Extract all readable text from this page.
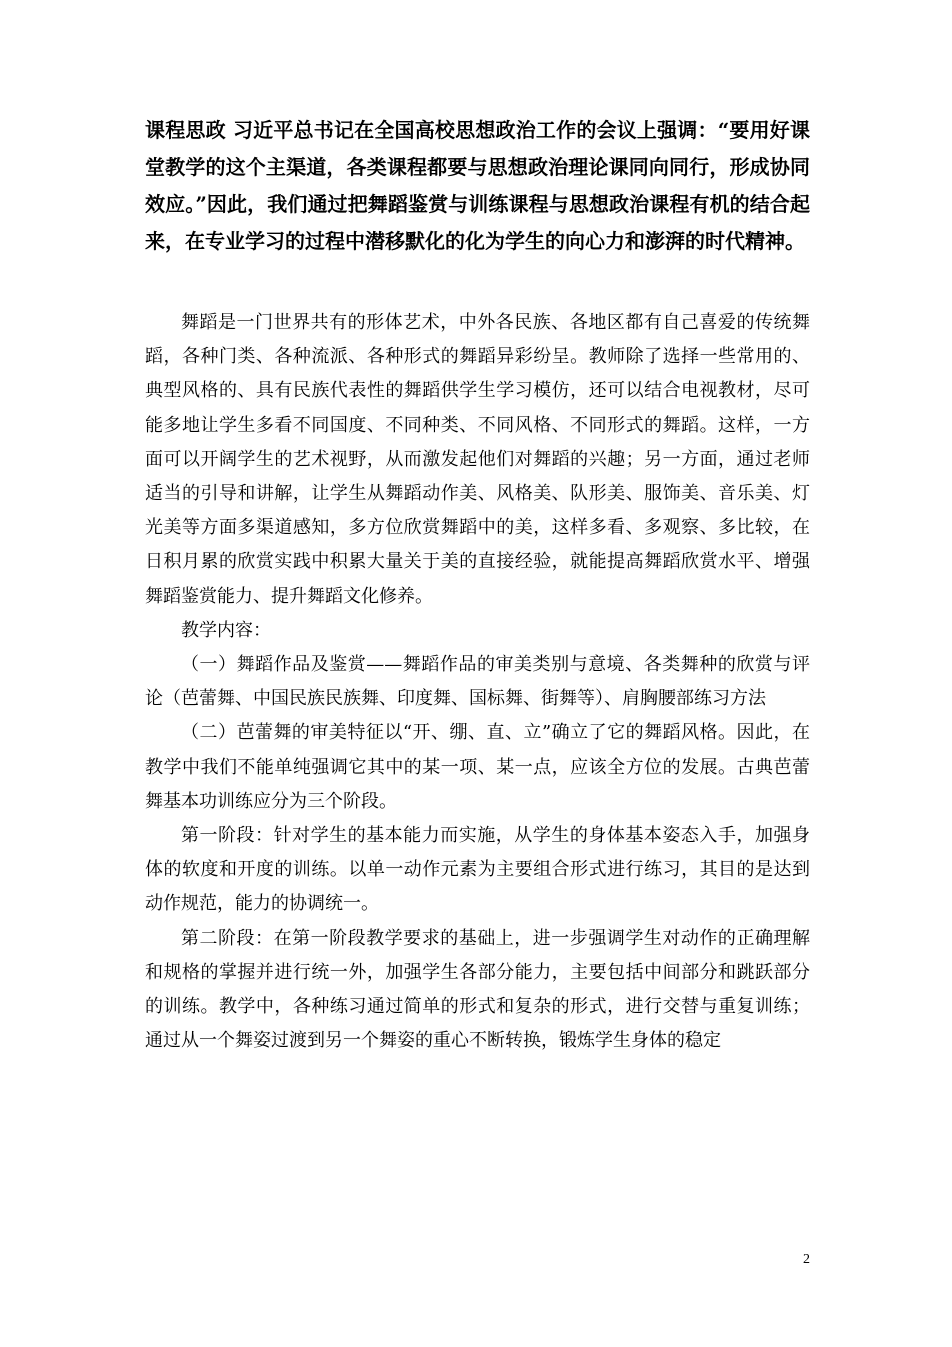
课程思政 习近平总书记在全国高校思想政治工作的会议上强调：“要用好课堂教学的这个主渠道，各类课程都要与思想政治理论课同向同行，形成协同效应。”因此，我们通过把舞蹈鉴赏与训练课程与思想政治课程有机的结合起来，在专业学习的过程中潜移默化的化为学生的向心力和澎湃的时代精神。

舞蹈是一门世界共有的形体艺术，中外各民族、各地区都有自己喜爱的传统舞蹈，各种门类、各种流派、各种形式的舞蹈异彩纷呈。教师除了选择一些常用的、典型风格的、具有民族代表性的舞蹈供学生学习模仿，还可以结合电视教材，尽可能多地让学生多看不同国度、不同种类、不同风格、不同形式的舞蹈。这样，一方面可以开阔学生的艺术视野，从而激发起他们对舞蹈的兴趣；另一方面，通过老师适当的引导和讲解，让学生从舞蹈动作美、风格美、队形美、服饰美、音乐美、灯光美等方面多渠道感知，多方位欣赏舞蹈中的美，这样多看、多观察、多比较，在日积月累的欣赏实践中积累大量关于美的直接经验，就能提高舞蹈欣赏水平、增强舞蹈鉴赏能力、提升舞蹈文化修养。

教学内容：

（一）舞蹈作品及鉴赏——舞蹈作品的审美类别与意境、各类舞种的欣赏与评论（芭蕾舞、中国民族民族舞、印度舞、国标舞、街舞等）、肩胸腰部练习方法

（二）芭蕾舞的审美特征以“开、绷、直、立”确立了它的舞蹈风格。因此，在教学中我们不能单纯强调它其中的某一项、某一点，应该全方位的发展。古典芭蕾舞基本功训练应分为三个阶段。

第一阶段：针对学生的基本能力而实施，从学生的身体基本姿态入手，加强身体的软度和开度的训练。以单一动作元素为主要组合形式进行练习，其目的是达到动作规范，能力的协调统一。

第二阶段：在第一阶段教学要求的基础上，进一步强调学生对动作的正确理解和规格的掌握并进行统一外，加强学生各部分能力，主要包括中间部分和跳跃部分的训练。教学中，各种练习通过简单的形式和复杂的形式，进行交替与重复训练；通过从一个舞姿过渡到另一个舞姿的重心不断转换，锻炼学生身体的稳定

2
